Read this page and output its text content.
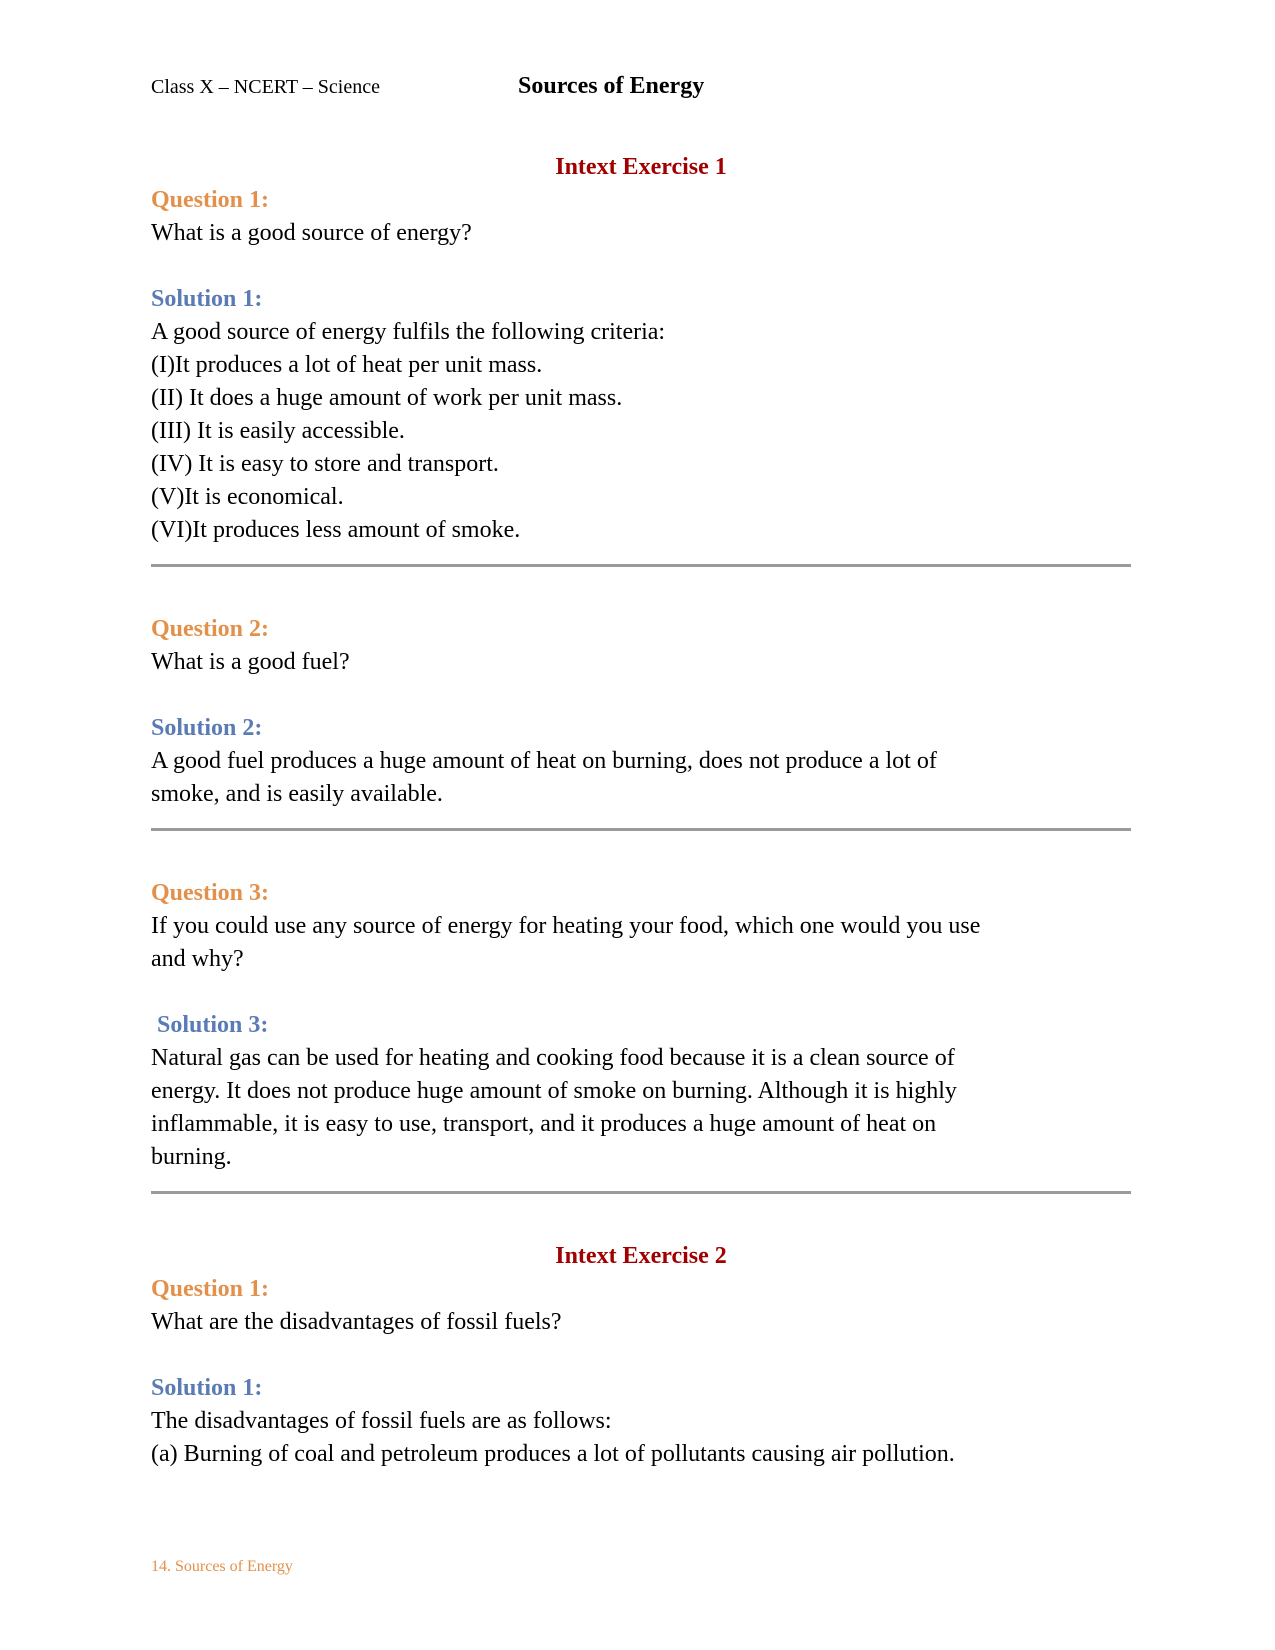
Class X – NCERT – Science	Sources of Energy
Intext Exercise 1
Question 1:

What is a good source of energy?

Solution 1:

A good source of energy fulfils the following criteria:

(I)It produces a lot of heat per unit mass.

(II) It does a huge amount of work per unit mass.

(III) It is easily accessible.

(IV) It is easy to store and transport.

(V)It is economical.

(VI)It produces less amount of smoke.

Question 2:

What is a good fuel?

Solution 2:

A good fuel produces a huge amount of heat on burning, does not produce a lot of

smoke, and is easily available.

Question 3:

If you could use any source of energy for heating your food, which one would you use

and why?

Solution 3:

Natural gas can be used for heating and cooking food because it is a clean source of

energy. It does not produce huge amount of smoke on burning. Although it is highly

inflammable, it is easy to use, transport, and it produces a huge amount of heat on

burning.

Intext Exercise 2
Question 1:

What are the disadvantages of fossil fuels?

Solution 1:

The disadvantages of fossil fuels are as follows:

(a) Burning of coal and petroleum produces a lot of pollutants causing air pollution.

14. Sources of Energy
